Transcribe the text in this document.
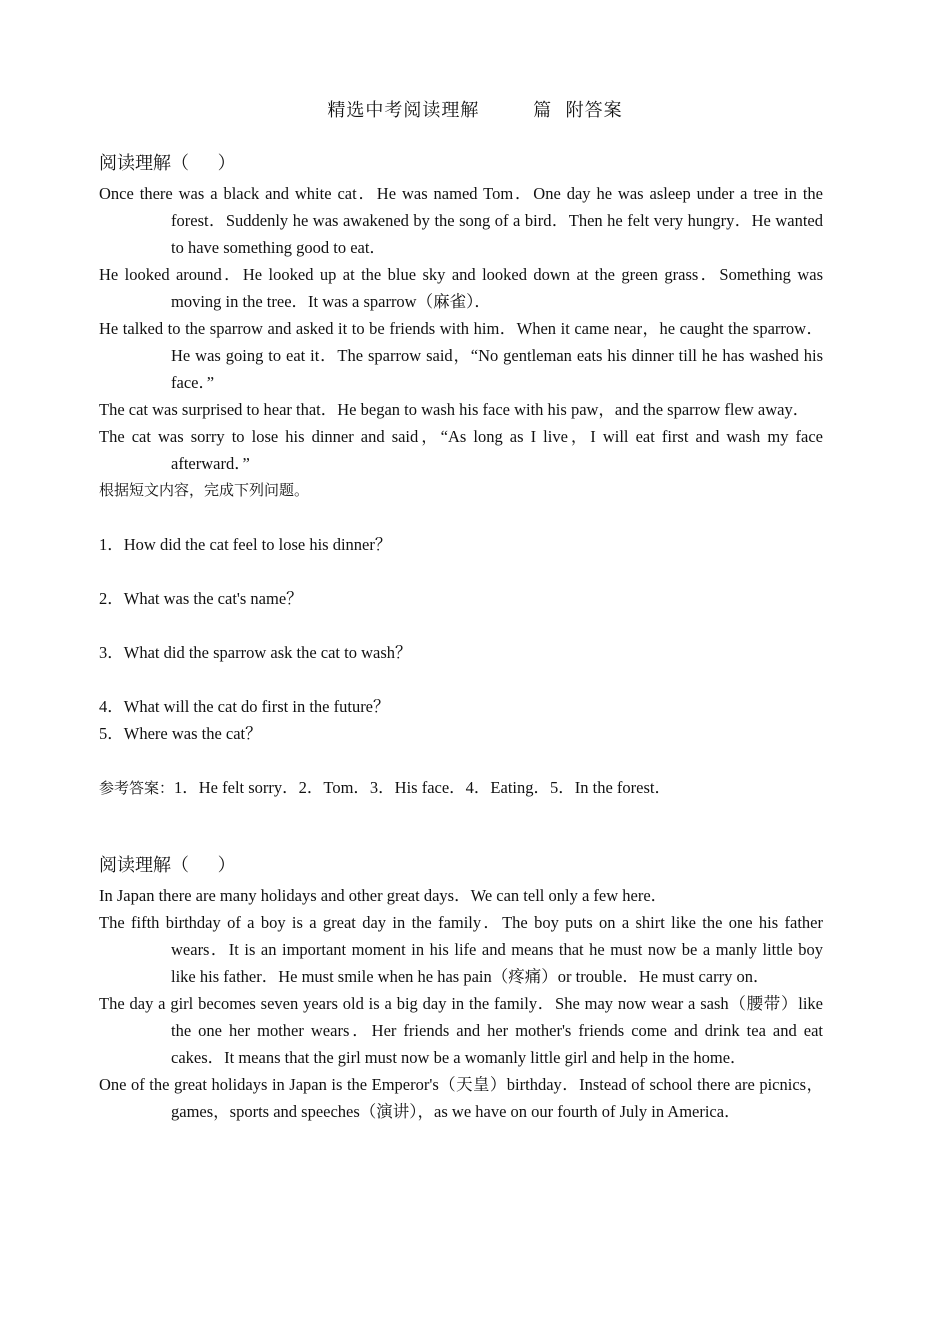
精选中考阅读理解        篇  附答案
阅读理解（     ）
Once there was a black and white cat．He was named Tom．One day he was asleep under a tree in the forest．Suddenly he was awakened by the song of a bird．Then he felt very hungry．He wanted to have something good to eat．
He looked around．He looked up at the blue sky and looked down at the green grass．Something was moving in the tree．It was a sparrow（麻雀）．
He talked to the sparrow and asked it to be friends with him．When it came near，he caught the sparrow．He was going to eat it．The sparrow said，“No gentleman eats his dinner till he has washed his face．”
The cat was surprised to hear that．He began to wash his face with his paw，and the sparrow flew away．
The cat was sorry to lose his dinner and said，“As long as I live，I will eat first and wash my face afterward．”
根据短文内容，完成下列问题。
1．How did the cat feel to lose his dinner？
2．What was the cat's name？
3．What did the sparrow ask the cat to wash？
4．What will the cat do first in the future？
5．Where was the cat？
参考答案：1．He felt sorry．2．Tom．3．His face．4．Eating．5．In the forest．
阅读理解（     ）
In Japan there are many holidays and other great days．We can tell only a few here．
The fifth birthday of a boy is a great day in the family．The boy puts on a shirt like the one his father wears．It is an important moment in his life and means that he must now be a manly little boy like his father．He must smile when he has pain（疼痛）or trouble．He must carry on．
The day a girl becomes seven years old is a big day in the family．She may now wear a sash（腰带）like the one her mother wears．Her friends and her mother's friends come and drink tea and eat cakes．It means that the girl must now be a womanly little girl and help in the home．
One of the great holidays in Japan is the Emperor's（天皇）birthday．Instead of school there are picnics，games，sports and speeches（演讲），as we have on our fourth of July in America．
